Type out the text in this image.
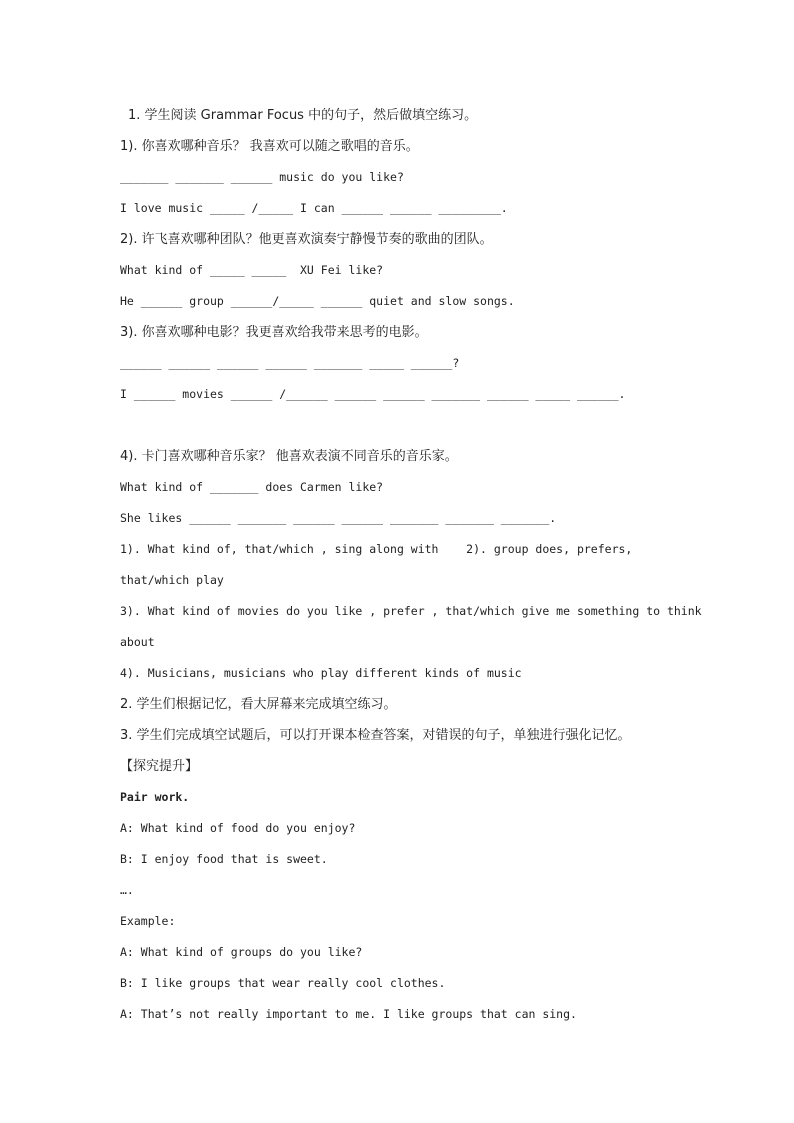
1. 学生阅读 Grammar Focus 中的句子，然后做填空练习。
1). 你喜欢哪种音乐？ 我喜欢可以随之歌唱的音乐。
_______ _______ ______ music do you like?
I love music _____ /_____ I can ______ ______ _________.
2). 许飞喜欢哪种团队？他更喜欢演奏宁静慢节奏的歌曲的团队。
What kind of _____ _____  XU Fei like?
He ______ group ______/_____ ______ quiet and slow songs.
3). 你喜欢哪种电影？我更喜欢给我带来思考的电影。
______ ______ ______ ______ _______ _____ ______?
I ______ movies ______ /______ ______ ______ _______ ______ _____ ______.
4). 卡门喜欢哪种音乐家？ 他喜欢表演不同音乐的音乐家。
What kind of _______ does Carmen like?
She likes ______ _______ ______ ______ _______ _______ _______.
1). What kind of, that/which , sing along with    2). group does, prefers,
that/which play
3). What kind of movies do you like , prefer , that/which give me something to think
about
4). Musicians, musicians who play different kinds of music
2. 学生们根据记忆，看大屏幕来完成填空练习。
3. 学生们完成填空试题后，可以打开课本检查答案，对错误的句子，单独进行强化记忆。
【探究提升】
Pair work.
A: What kind of food do you enjoy?
B: I enjoy food that is sweet.
….
Example:
A: What kind of groups do you like?
B: I like groups that wear really cool clothes.
A: That’s not really important to me. I like groups that can sing.
